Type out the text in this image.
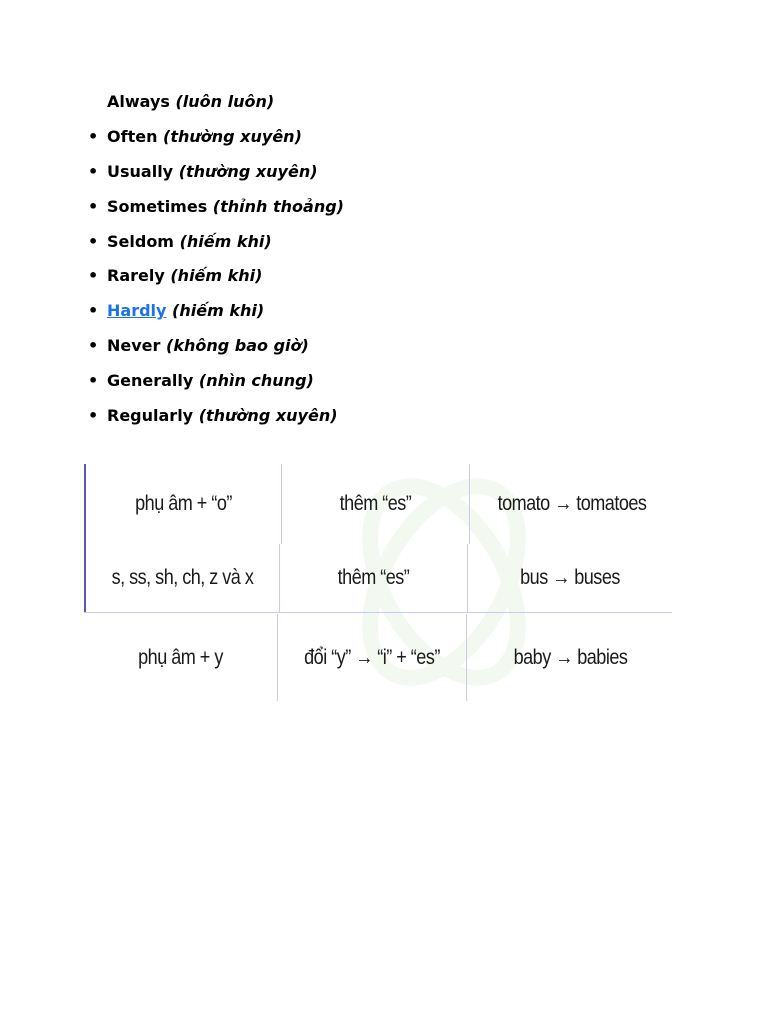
Always (luôn luôn)
• Often (thường xuyên)
• Usually (thường xuyên)
• Sometimes (thỉnh thoảng)
• Seldom (hiếm khi)
• Rarely (hiếm khi)
• Hardly (hiếm khi)
• Never (không bao giờ)
• Generally (nhìn chung)
• Regularly (thường xuyên)
phụ âm + “o”	thêm “es”	tomato → tomatoes
s, ss, sh, ch, z và x	thêm “es”	bus → buses
phụ âm + y	đổi “y” → “i” + “es”	baby → babies
